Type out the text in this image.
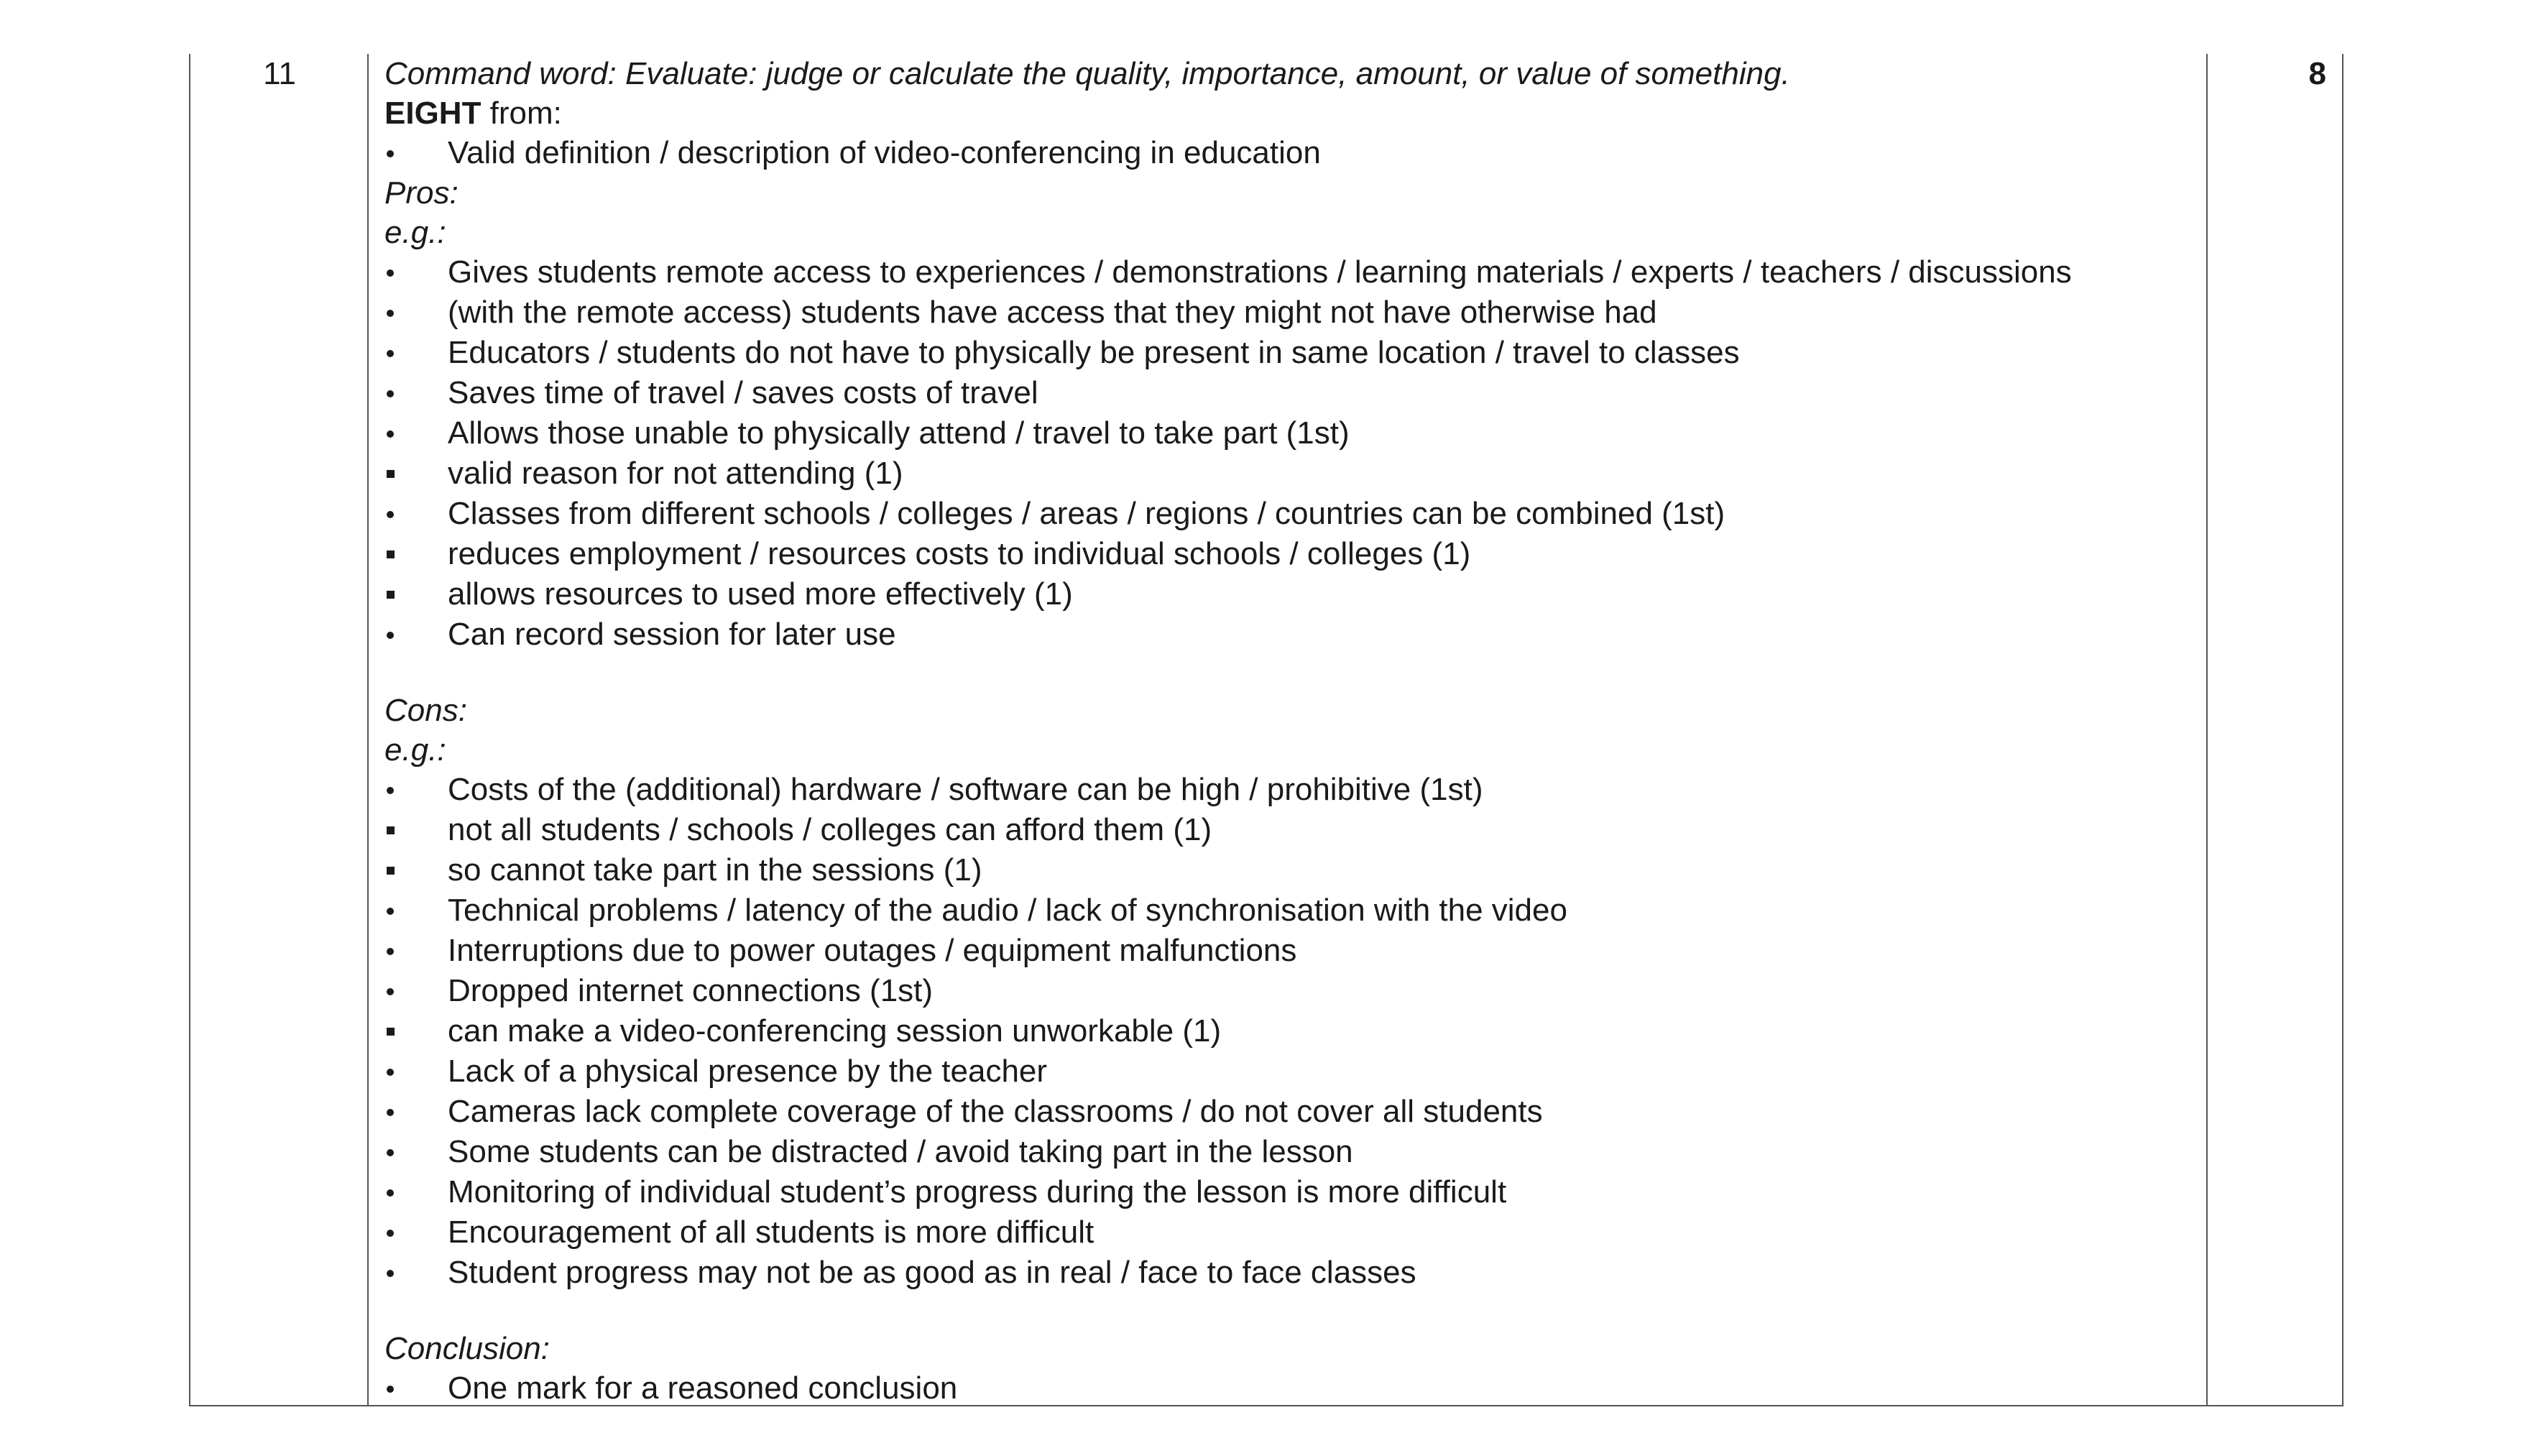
11	8
Command word: Evaluate: judge or calculate the quality, importance, amount, or value of something.
EIGHT from:
Valid definition / description of video-conferencing in education
Pros:
e.g.:
Gives students remote access to experiences / demonstrations / learning materials / experts / teachers / discussions
(with the remote access) students have access that they might not have otherwise had
Educators / students do not have to physically be present in same location / travel to classes
Saves time of travel / saves costs of travel
Allows those unable to physically attend / travel to take part (1st)
valid reason for not attending (1)
Classes from different schools / colleges / areas / regions / countries can be combined (1st)
reduces employment / resources costs to individual schools / colleges (1)
allows resources to used more effectively (1)
Can record session for later use
Cons:
e.g.:
Costs of the (additional) hardware / software can be high / prohibitive (1st)
not all students / schools / colleges can afford them (1)
so cannot take part in the sessions (1)
Technical problems / latency of the audio / lack of synchronisation with the video
Interruptions due to power outages / equipment malfunctions
Dropped internet connections (1st)
can make a video-conferencing session unworkable (1)
Lack of a physical presence by the teacher
Cameras lack complete coverage of the classrooms / do not cover all students
Some students can be distracted / avoid taking part in the lesson
Monitoring of individual student’s progress during the lesson is more difficult
Encouragement of all students is more difficult
Student progress may not be as good as in real / face to face classes
Conclusion:
One mark for a reasoned conclusion
